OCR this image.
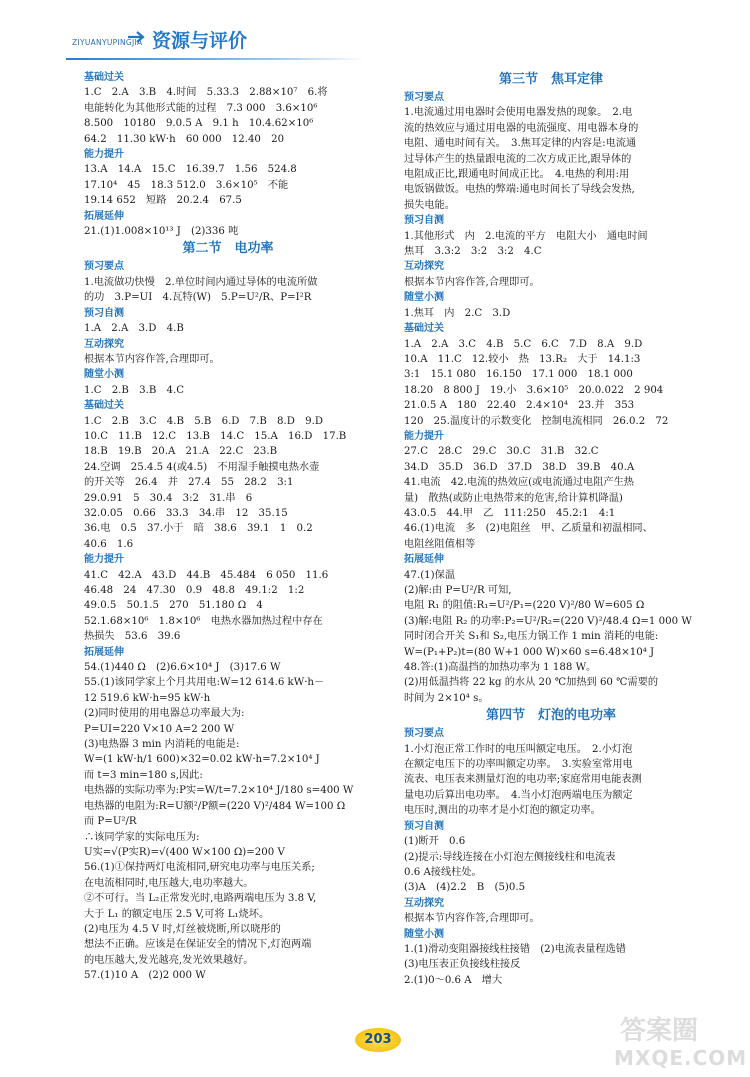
ZIYUANYUPINGJIA 资源与评价
基础过关
1.C　2.A　3.B　4.时间　5.33.3　2.88×10⁷　6.将
电能转化为其他形式能的过程　7.3 000　3.6×10⁶
8.500　10180　9.0.5 A　9.1 h　10.4.62×10⁶
64.2　11.30 kW·h　60 000　12.40　20
能力提升
13.A　14.A　15.C　16.39.7　1.56　524.8
17.10⁴　45　18.3 512.0　3.6×10⁵　不能
19.14 652　短路　20.2.4　67.5
拓展延伸
21.(1)1.008×10¹³ J　(2)336 吨
第二节　电功率
预习要点
1.电流做功快慢　2.单位时间内通过导体的电流所做
的功　3.P=UI　4.瓦特(W)　5.P=U²/R、P=I²R
预习自测
1.A　2.A　3.D　4.B
互动探究
根据本节内容作答,合理即可。
随堂小测
1.C　2.B　3.B　4.C
基础过关
1.C　2.B　3.C　4.B　5.B　6.D　7.B　8.D　9.D
10.C　11.B　12.C　13.B　14.C　15.A　16.D　17.B
18.B　19.B　20.A　21.A　22.C　23.B
24.空调　25.4.5 4(或4.5)　不用湿手触摸电热水壶
的开关等　26.4　并　27.4　55　28.2　3:1
29.0.91　5　30.4　3:2　31.串　6
32.0.05　0.66　33.3　34.串　12　35.15
36.电　0.5　37.小于　暗　38.6　39.1　1　0.2
40.6　1.6
能力提升
41.C　42.A　43.D　44.B　45.484　6 050　11.6
46.48　24　47.30　0.9　48.8　49.1:2　1:2
49.0.5　50.1.5　270　51.180 Ω　4
52.1.68×10⁶　1.8×10⁶　电热水器加热过程中存在
热损失　53.6　39.6
拓展延伸
54.(1)440 Ω　(2)6.6×10⁴ J　(3)17.6 W
55.(1)该同学家上个月共用电:W=12 614.6 kW·h－
12 519.6 kW·h=95 kW·h
(2)同时使用的用电器总功率最大为:
P=UI=220 V×10 A=2 200 W
(3)电热器 3 min 内消耗的电能是:
W=(1 kW·h/1 600)×32=0.02 kW·h=7.2×10⁴ J
而 t=3 min=180 s,因此:
电热器的实际功率为:P实=W/t=7.2×10⁴ J/180 s=400 W
电热器的电阻为:R=U额²/P额=(220 V)²/484 W=100 Ω
而 P=U²/R
∴该同学家的实际电压为:
U实=√(P实R)=√(400 W×100 Ω)=200 V
56.(1)①保持两灯电流相同,研究电功率与电压关系;
在电流相同时,电压越大,电功率越大。
②不可行。当 L₂正常发光时,电路两端电压为 3.8 V,
大于 L₁ 的额定电压 2.5 V,可将 L₁烧坏。
(2)电压为 4.5 V 时,灯丝被烧断,所以晓彤的
想法不正确。应该是在保证安全的情况下,灯泡两端
的电压越大,发光越亮,发光效果越好。
57.(1)10 A　(2)2 000 W
第三节　焦耳定律
预习要点
1.电流通过用电器时会使用电器发热的现象。　2.电
流的热效应与通过用电器的电流强度、用电器本身的
电阻、通电时间有关。　3.焦耳定律的内容是:电流通
过导体产生的热量跟电流的二次方成正比,跟导体的
电阻成正比,跟通电时间成正比。　4.电热的利用:用
电饭锅做饭。电热的弊端:通电时间长了导线会发热,
损失电能。
预习自测
1.其他形式　内　2.电流的平方　电阻大小　通电时间
焦耳　3.3:2　3:2　3:2　4.C
互动探究
根据本节内容作答,合理即可。
随堂小测
1.焦耳　内　2.C　3.D
基础过关
1.A　2.A　3.C　4.B　5.C　6.C　7.D　8.A　9.D
10.A　11.C　12.较小　热　13.R₂　大于　14.1:3
3:1　15.1 080　16.150　17.1 000　18.1 000
18.20　8 800 J　19.小　3.6×10⁵　20.0.022　2 904
21.0.5 A　180　22.40　2.4×10⁴　23.并　353
120　25.温度计的示数变化　控制电流相同　26.0.2　72
能力提升
27.C　28.C　29.C　30.C　31.B　32.C
34.D　35.D　36.D　37.D　38.D　39.B　40.A
41.电流　42.电流的热效应(或电流通过电阻产生热
量)　散热(或防止电热带来的危害,给计算机降温)
43.0.5　44.甲　乙　111:250　45.2:1　4:1
46.(1)电流　多　(2)电阻丝　甲、乙质量和初温相同、
电阻丝阻值相等
拓展延伸
47.(1)保温
(2)解:由 P=U²/R 可知,
电阻 R₁ 的阻值:R₁=U²/P₁=(220 V)²/80 W=605 Ω
(3)解:电阻 R₂ 的功率:P₂=U²/R₂=(220 V)²/48.4 Ω=1 000 W
同时闭合开关 S₁和 S₂,电压力锅工作 1 min 消耗的电能:
W=(P₁+P₂)t=(80 W+1 000 W)×60 s=6.48×10⁴ J
48.答:(1)高温挡的加热功率为 1 188 W。
(2)用低温挡将 22 kg 的水从 20 ℃加热到 60 ℃需要的
时间为 2×10⁴ s。
第四节　灯泡的电功率
预习要点
1.小灯泡正常工作时的电压叫额定电压。　2.小灯泡
在额定电压下的功率叫额定功率。　3.实验室常用电
流表、电压表来测量灯泡的电功率;家庭常用电能表测
量电功后算出电功率。　4.当小灯泡两端电压为额定
电压时,测出的功率才是小灯泡的额定功率。
预习自测
(1)断开　0.6
(2)提示:导线连接在小灯泡左侧接线柱和电流表
0.6 A接线柱处。
(3)A　(4)2.2　B　(5)0.5
互动探究
根据本节内容作答,合理即可。
随堂小测
1.(1)滑动变阻器接线柱接错　(2)电流表量程选错
(3)电压表正负接线柱接反
2.(1)0～0.6 A　增大
203	答案圈
MXQE.COM
